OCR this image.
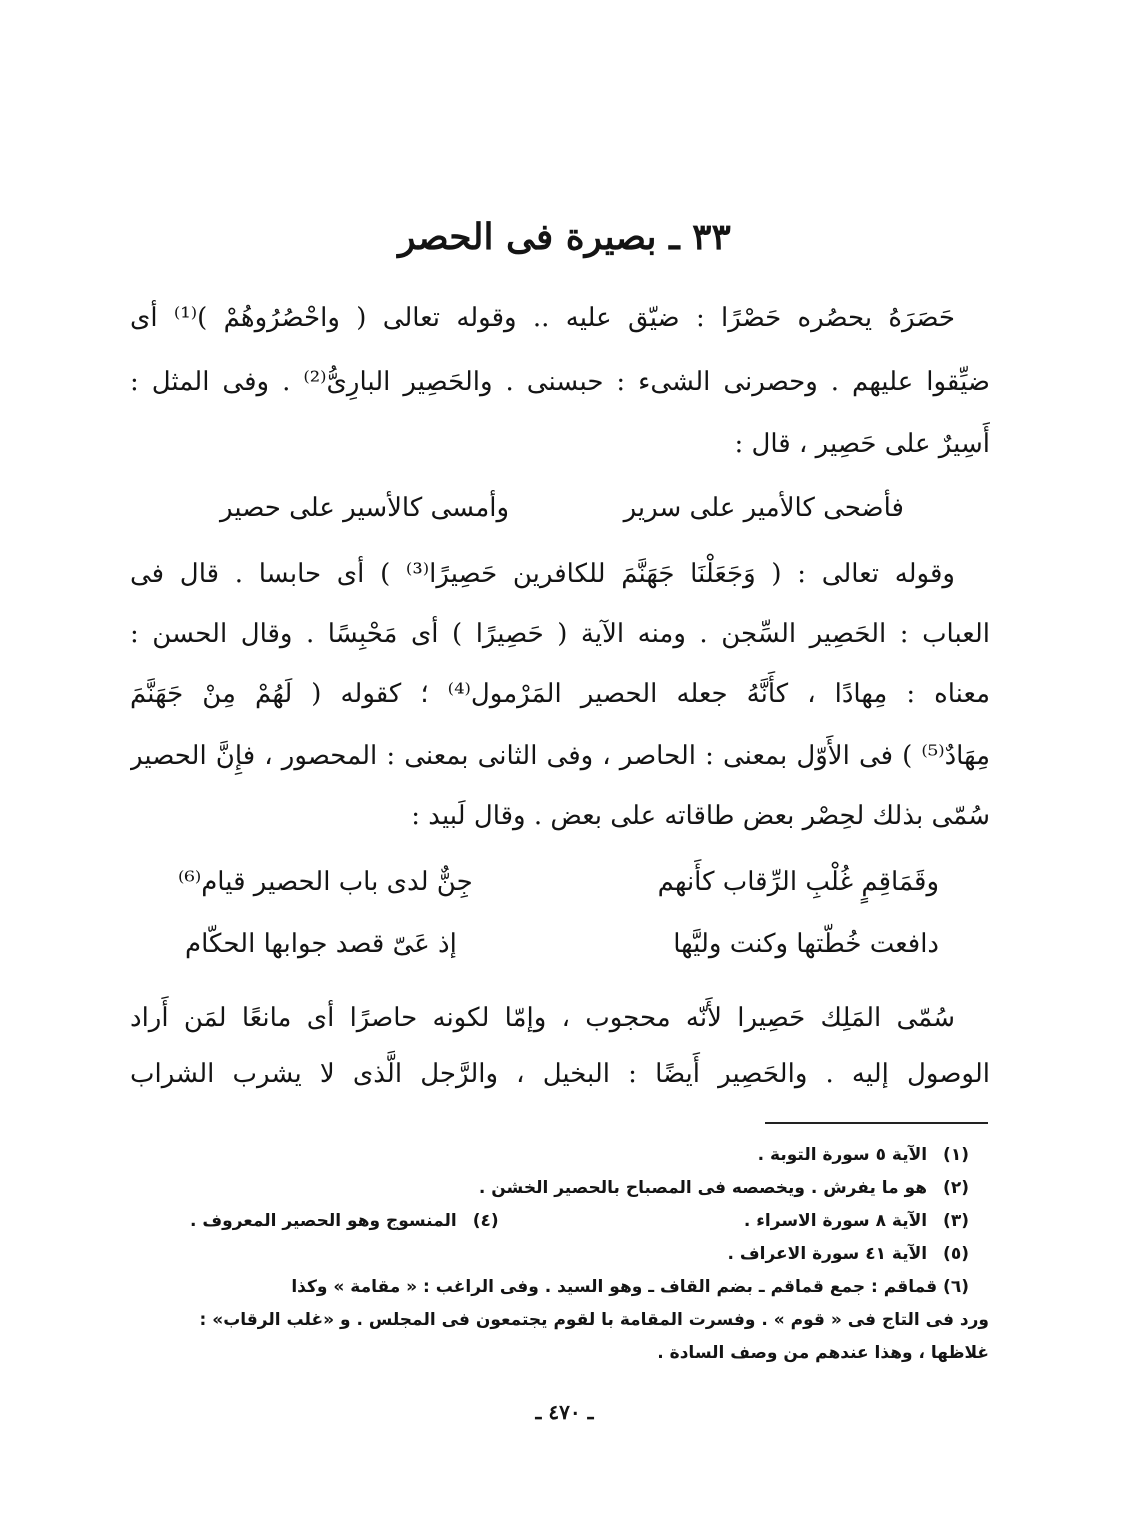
٣٣ ـ بصيرة فى الحصر
حَصَرَهُ يحصُره حَصْرًا : ضيّق عليه .. وقوله تعالى ( واحْصُرُوهُمْ )⁽¹⁾ أى
ضيِّقوا عليهم . وحصرنى الشىء : حبسنى . والحَصِير البارِىُّ⁽²⁾ . وفى المثل :
أَسِيرٌ على حَصِير ، قال :
وقوله تعالى : ( وَجَعَلْنَا جَهَنَّمَ للكافرين حَصِيرًا⁽³⁾ ) أى حابسا . قال فى
العباب : الحَصِير السِّجن . ومنه الآية ( حَصِيرًا ) أى مَحْبِسًا . وقال الحسن :
معناه : مِهادًا ، كأَنَّهُ جعله الحصير المَرْمول⁽⁴⁾ ؛ كقوله ( لَهُمْ مِنْ جَهَنَّمَ
مِهَادٌ⁽⁵⁾ ) فى الأَوّل بمعنى : الحاصر ، وفى الثانى بمعنى : المحصور ، فإِنَّ الحصير
سُمّى بذلك لحِصْر بعض طاقاته على بعض . وقال لَبيد :
سُمّى المَلِك حَصِيرا لأَنّه محجوب ، وإمّا لكونه حاصرًا أى مانعًا لمَن أَراد
الوصول إليه . والحَصِير أَيضًا : البخيل ، والرَّجل الَّذى لا يشرب الشراب
فأضحى كالأمير على سرير
وأمسى كالأسير على حصير
وقَمَاقِمٍ غُلْبِ الرِّقاب كأَنهم
جِنٌّ لدى باب الحصير قيام⁽⁶⁾
دافعت خُطّتها وكنت وليَّها
إذ عَىّ قصد جوابها الحكّام
(١) الآية ٥ سورة التوبة .
(٢) هو ما يفرش . ويخصصه فى المصباح بالحصير الخشن .
(٣) الآية ٨ سورة الاسراء .
(٤) المنسوج وهو الحصير المعروف .
(٥) الآية ٤١ سورة الاعراف .
(٦) قماقم : جمع قماقم ـ بضم القاف ـ وهو السيد . وفى الراغب : « مقامة » وكذا
ورد فى التاج فى « قوم » . وفسرت المقامة با لقوم يجتمعون فى المجلس . و «غلب الرقاب» :
غلاظها ، وهذا عندهم من وصف السادة .
ـ ٤٧٠ ـ
